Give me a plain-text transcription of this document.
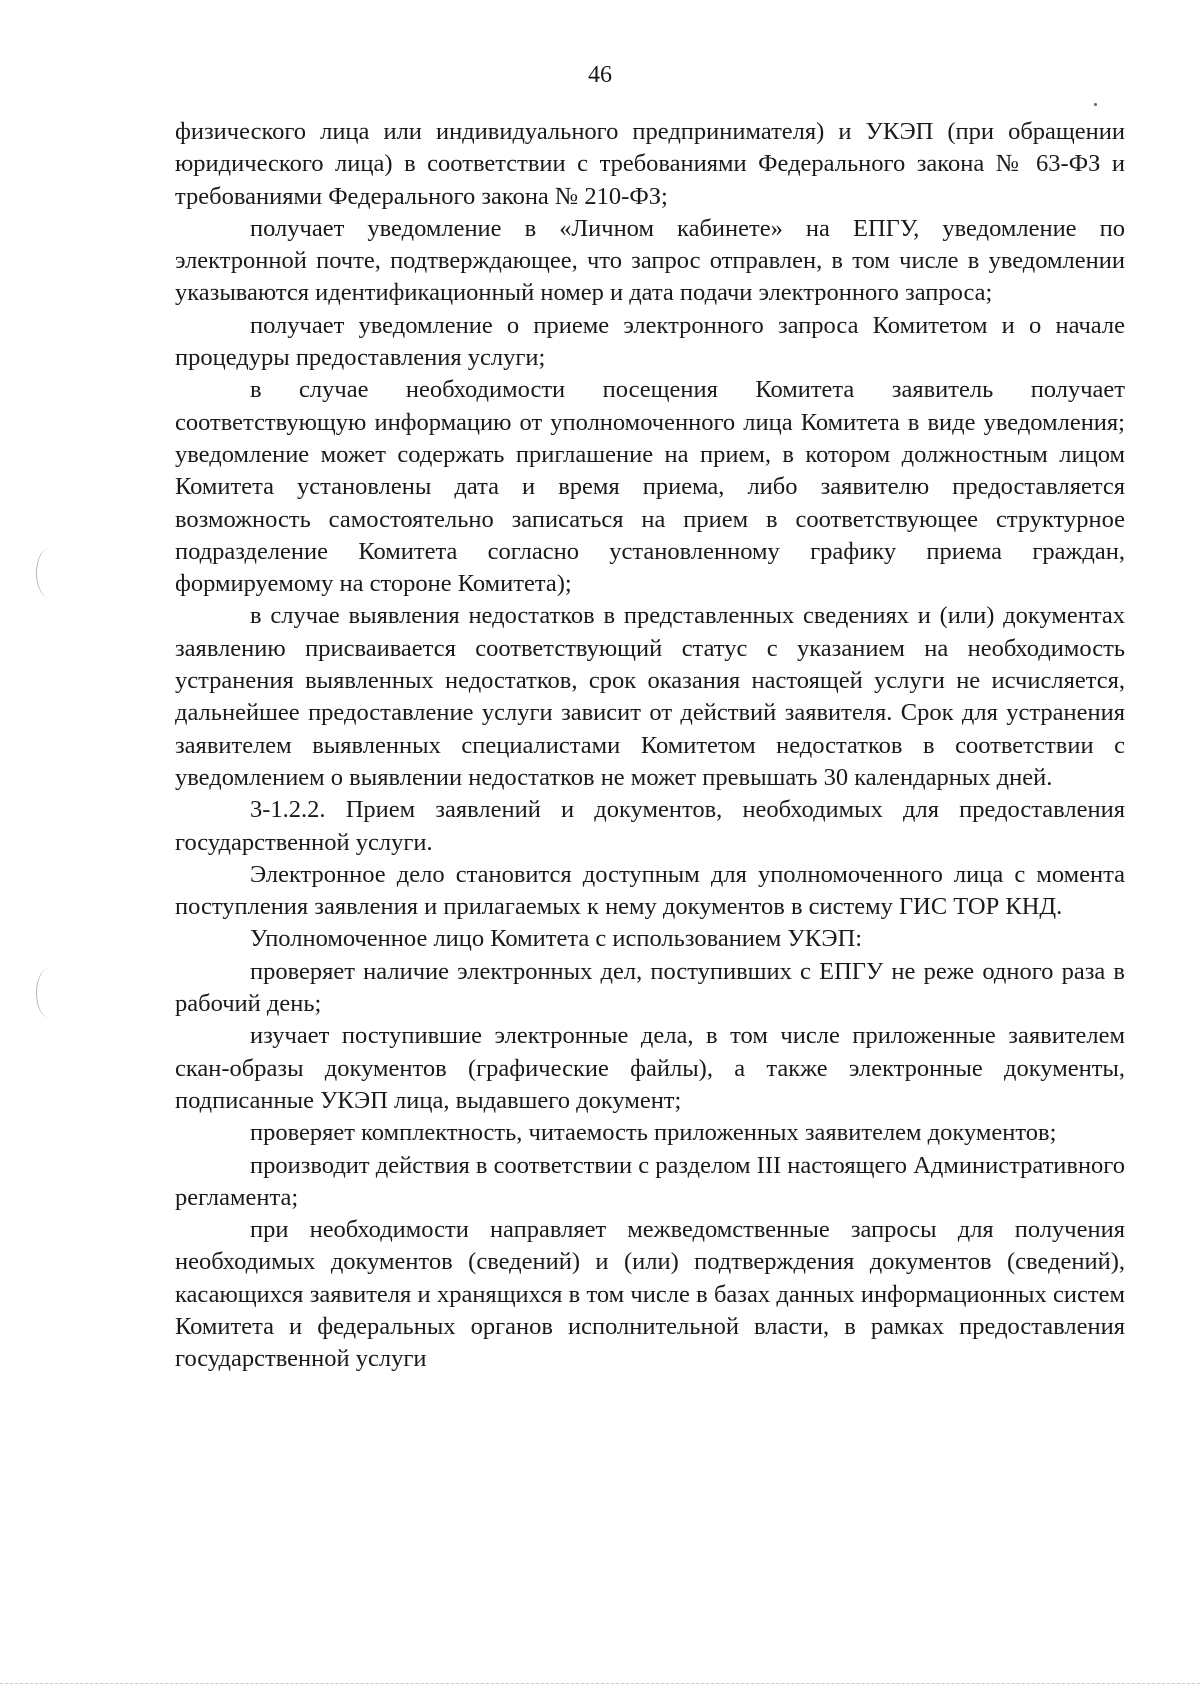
46

физического лица или индивидуального предпринимателя) и УКЭП (при обращении юридического лица) в соответствии с требованиями Федерального закона № 63-ФЗ и требованиями Федерального закона № 210-ФЗ;

получает уведомление в «Личном кабинете» на ЕПГУ, уведомление по электронной почте, подтверждающее, что запрос отправлен, в том числе в уведомлении указываются идентификационный номер и дата подачи электронного запроса;

получает уведомление о приеме электронного запроса Комитетом и о начале процедуры предоставления услуги;

в случае необходимости посещения Комитета заявитель получает соответствующую информацию от уполномоченного лица Комитета в виде уведомления; уведомление может содержать приглашение на прием, в котором должностным лицом Комитета установлены дата и время приема, либо заявителю предоставляется возможность самостоятельно записаться на прием в соответствующее структурное подразделение Комитета согласно установленному графику приема граждан, формируемому на стороне Комитета);

в случае выявления недостатков в представленных сведениях и (или) документах заявлению присваивается соответствующий статус с указанием на необходимость устранения выявленных недостатков, срок оказания настоящей услуги не исчисляется, дальнейшее предоставление услуги зависит от действий заявителя. Срок для устранения заявителем выявленных специалистами Комитетом недостатков в соответствии с уведомлением о выявлении недостатков не может превышать 30 календарных дней.

3-1.2.2. Прием заявлений и документов, необходимых для предоставления государственной услуги.

Электронное дело становится доступным для уполномоченного лица с момента поступления заявления и прилагаемых к нему документов в систему ГИС ТОР КНД.

Уполномоченное лицо Комитета с использованием УКЭП:

проверяет наличие электронных дел, поступивших с ЕПГУ не реже одного раза в рабочий день;

изучает поступившие электронные дела, в том числе приложенные заявителем скан-образы документов (графические файлы), а также электронные документы, подписанные УКЭП лица, выдавшего документ;

проверяет комплектность, читаемость приложенных заявителем документов;

производит действия в соответствии с разделом III настоящего Административного регламента;

при необходимости направляет межведомственные запросы для получения необходимых документов (сведений) и (или) подтверждения документов (сведений), касающихся заявителя и хранящихся в том числе в базах данных информационных систем Комитета и федеральных органов исполнительной власти, в рамках предоставления государственной услуги
